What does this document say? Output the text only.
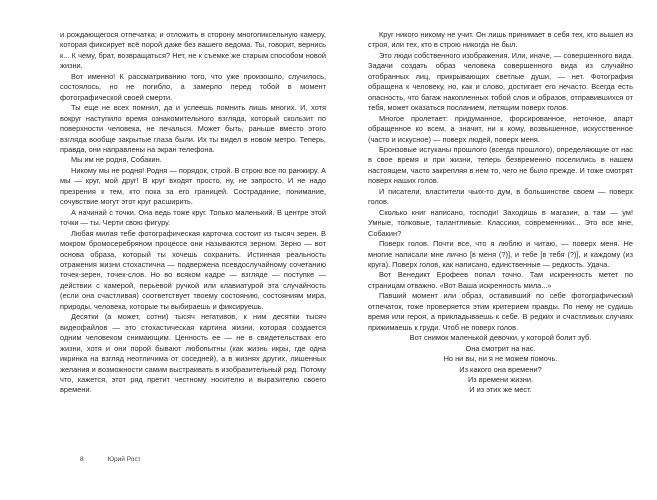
и рождающегося отпечатка; и отложить в сторону многопиксельную камеру, которая фиксирует всё порой даже без вашего ведома. Ты, говорит, вернись к... К чему, брат, возвращаться? Нет, не к съемке же старым способом новой жизни.

Вот именно! К рассматриванию того, что уже произошло, случилось, состоялось, но не погибло, а замерло перед тобой в момент фотографической своей смерти.

Ты еще не всех помнил, да и успеешь помнить лишь многих. И, хотя вокруг наступило время ознакомительного взгляда, который скользит по поверхности человека, не печалься. Может быть, раньше вместо этого взгляда вообще закрытые глаза были. Их ты видел в новом метро. Теперь, правда, они направлены на экран телефона.

Мы им не родня, Собакин.

Никому мы не родня! Родня — порядок, строй. В строю все по ранжиру. А мы — круг, мой друг! В круг входят просто, ну, не запросто. И не надо презрения к тем, кто пока за его границей. Сострадание, понимание, сочувствие могут этот круг расширить.

А начинай с точки. Она ведь тоже круг. Только маленький. В центре этой точки — ты. Черти свою фигуру.

Любая милая тебе фотографическая карточка состоит из тысяч зерен. В мокром бромосеребряном процессе они называются зерном. Зерно — вот основа образа, который ты хочешь сохранить. Истинная реальность отражения жизни стохастична — подвержена псевдослучайному сочетанию точек-зерен, точек-слов. Но во всяком кадре — взгляде — поступке — действии с камерой, перьевой ручкой или клавиатурой эта случайность (если она счастливая) соответствует твоему состоянию, состояниям мира, природы, человека, которые ты выбираешь и фиксируешь.

Десятки (а может, сотни) тысяч негативов, к ним десятки тысяч видеофайлов — это стохастическая картина жизни, которая создается одним человеком снимающим. Ценность ее — не в свидетельствах его жизни, хотя и они порой бывают любопытны (как жизнь икры, где одна икринка на взгляд неотличима от соседней), а в жизнях других, лишенных желания и возможности самим выстраивать в изобразительный ряд. Потому что, кажется, этот ряд претит честному носителю и выразителю своего времени.

8	Юрий Рост

Круг никого никому не учит. Он лишь принимает в себя тех, кто вышел из строя, или тех, кто в строю никогда не был.

Это люди собственного изображения. Или, иначе, — совершенного вида. Задачи создать образ человека совершенного вида из случайно отобранных лиц, прикрывающих светлые души, — нет. Фотография обращена к человеку, но, как и слово, достигает его нечасто. Всегда есть опасность, что багаж накопленных тобой слов и образов, отправившихся от тебя, может оказаться посланием, летящим поверх голов.

Многое пролетает: придуманное, форсированное, неточное, апарт обращенное ко всем, а значит, ни к кому, возвышенное, искусственное (часто и искусное) — поверх людей, поверх меня.

Бронзовые истуканы прошлого (всегда прошлого), определяющие от нас в свое время и при жизни, теперь безвременно поселились в нашем настоящем, часто закрепляя в нем то, чего не было прежде. И тоже смотрят поверх наших голов.

И писатели, властители чьих-то дум, в большинстве своем — поверх голов.

Сколько книг написано, господи! Заходишь в магазин, а там — ум! Умные, толковые, талантливые. Классики, современники... Это все мне, Собакин?

Поверх голов. Почти все, что я люблю и читаю, — поверх меня. Не многие написали мне лично [в меня (?)], и тебе [в тебя (?)], и каждому (из круга). Поверх голов, как написано, единственные — редкость. Удача.

Вот Венедикт Ерофеев попал точно. Там искренность метет по страницам отважно. «Вот Ваша искренность мила...»

Павший момент или образ, оставивший по себе фотографический отпечаток, тоже проверяется этим критерием правды. По нему не судишь время или героя, а прикладываешь к себе. В редких и счастливых случаях прижимаешь к груди. Чтоб не поверх голов.

Вот снимок маленькой девочки, у которой болит зуб.

Она смотрит на нас.

Но ни вы, ни я не можем помочь.

Из какого она времени?

Из времени жизни.

И из этих же мест.
